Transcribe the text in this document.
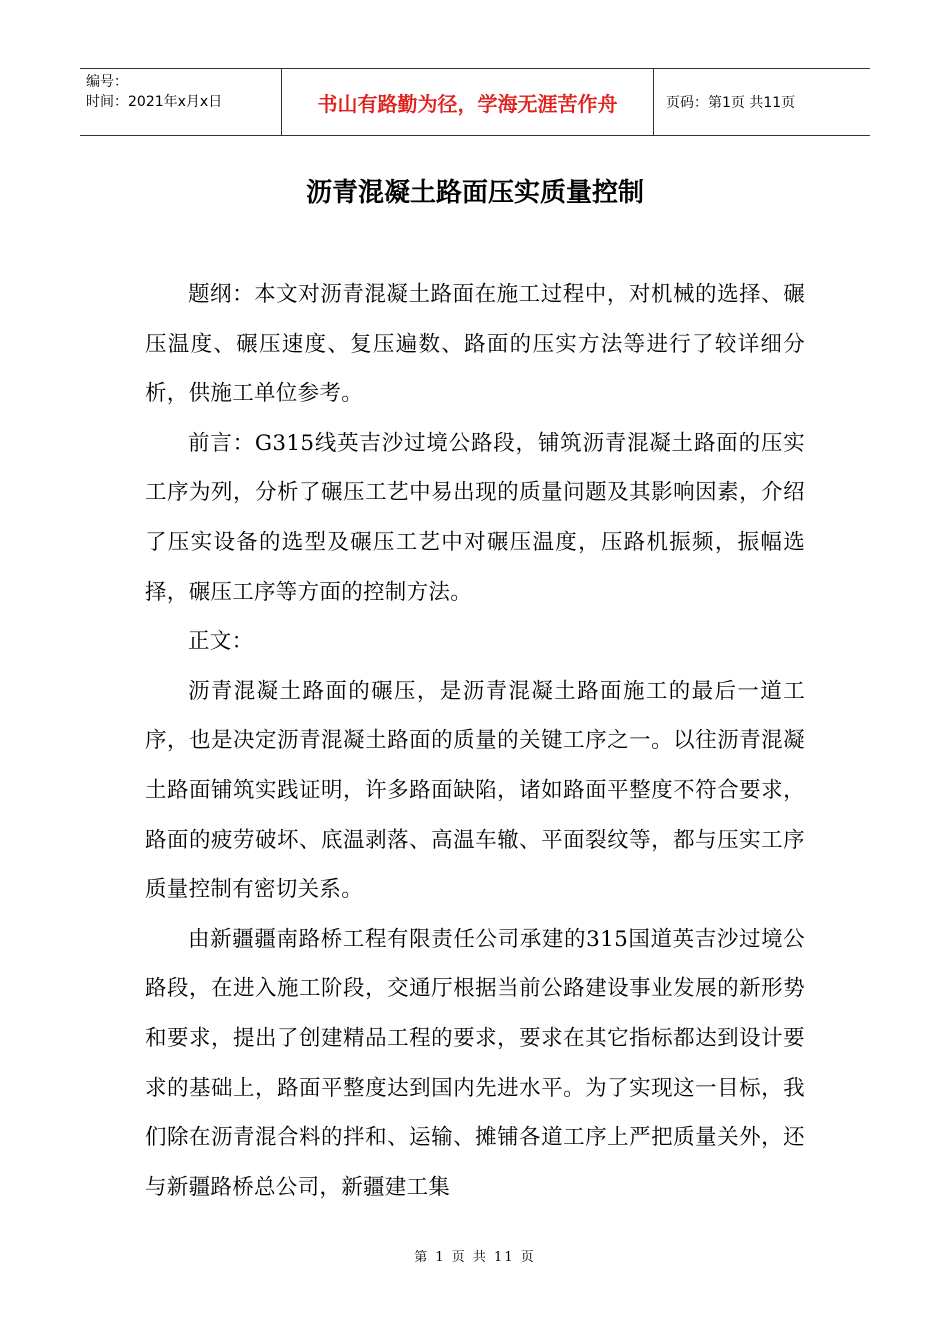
编号：
时间：2021年x月x日	书山有路勤为径，学海无涯苦作舟	页码：第1页 共11页
沥青混凝土路面压实质量控制

题纲：本文对沥青混凝土路面在施工过程中，对机械的选择、碾压温度、碾压速度、复压遍数、路面的压实方法等进行了较详细分析，供施工单位参考。

前言：G315线英吉沙过境公路段，铺筑沥青混凝土路面的压实工序为列，分析了碾压工艺中易出现的质量问题及其影响因素，介绍了压实设备的选型及碾压工艺中对碾压温度，压路机振频，振幅选择，碾压工序等方面的控制方法。

正文：

沥青混凝土路面的碾压，是沥青混凝土路面施工的最后一道工序，也是决定沥青混凝土路面的质量的关键工序之一。以往沥青混凝土路面铺筑实践证明，许多路面缺陷，诸如路面平整度不符合要求，路面的疲劳破坏、底温剥落、高温车辙、平面裂纹等，都与压实工序质量控制有密切关系。

由新疆疆南路桥工程有限责任公司承建的315国道英吉沙过境公路段，在进入施工阶段，交通厅根据当前公路建设事业发展的新形势和要求，提出了创建精品工程的要求，要求在其它指标都达到设计要求的基础上，路面平整度达到国内先进水平。为了实现这一目标，我们除在沥青混合料的拌和、运输、摊铺各道工序上严把质量关外，还与新疆路桥总公司，新疆建工集

第 1 页 共 11 页
